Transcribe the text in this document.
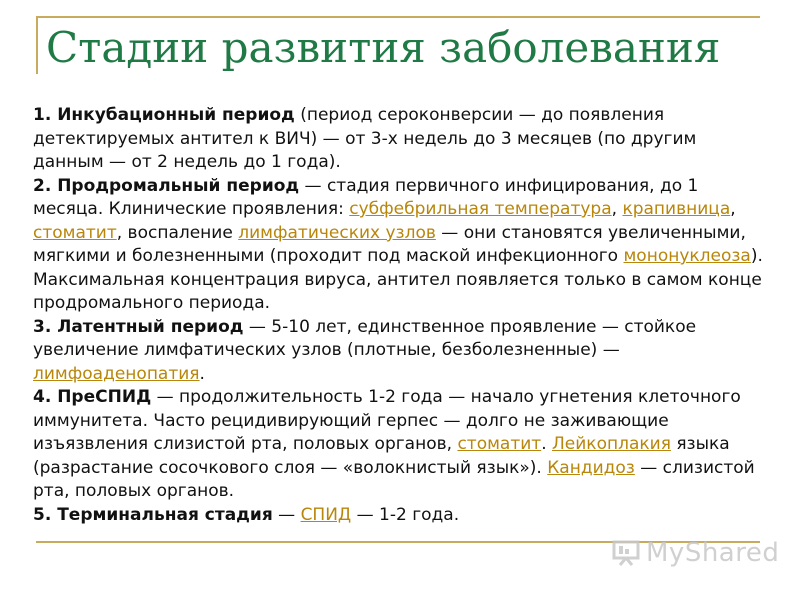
Стадии развития заболевания

1. Инкубационный период (период сероконверсии — до появления детектируемых антител к ВИЧ) — от 3-х недель до 3 месяцев (по другим данным — от 2 недель до 1 года).

2. Продромальный период — стадия первичного инфицирования, до 1 месяца. Клинические проявления: субфебрильная температура, крапивница, стоматит, воспаление лимфатических узлов — они становятся увеличенными, мягкими и болезненными (проходит под маской инфекционного мононуклеоза). Максимальная концентрация вируса, антител появляется только в самом конце продромального периода.

3. Латентный период — 5-10 лет, единственное проявление — стойкое увеличение лимфатических узлов (плотные, безболезненные) — лимфоаденопатия.

4. ПреСПИД — продолжительность 1-2 года — начало угнетения клеточного иммунитета. Часто рецидивирующий герпес — долго не заживающие изъязвления слизистой рта, половых органов, стоматит. Лейкоплакия языка (разрастание сосочкового слоя — «волокнистый язык»). Кандидоз — слизистой рта, половых органов.

5. Терминальная стадия — СПИД — 1-2 года.

MyShared
